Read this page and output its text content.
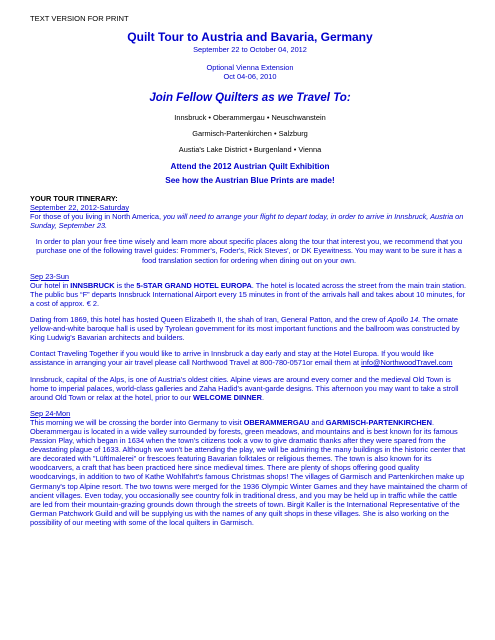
TEXT VERSION FOR PRINT
Quilt Tour to Austria and Bavaria, Germany
September 22 to October 04, 2012
Optional Vienna Extension
Oct 04-06, 2010
Join Fellow Quilters as we Travel To:
Innsbruck • Oberammergau • Neuschwanstein
Garmisch-Partenkirchen • Salzburg
Austia's Lake District • Burgenland • Vienna
Attend the 2012 Austrian Quilt Exhibition
See how the Austrian Blue Prints are made!
YOUR TOUR ITINERARY:
September 22, 2012-Saturday
For those of you living in North America, you will need to arrange your flight to depart today, in order to arrive in Innsbruck, Austria on Sunday, September 23.
In order to plan your free time wisely and learn more about specific places along the tour that interest you, we recommend that you purchase one of the following travel guides: Frommer's, Foder's, Rick Steves', or DK Eyewitness. You may want to be sure it has a food translation section for ordering when dining out on your own.
Sep 23-Sun
Our hotel in INNSBRUCK is the 5-STAR GRAND HOTEL EUROPA. The hotel is located across the street from the main train station. The public bus “F” departs Innsbruck International Airport every 15 minutes in front of the arrivals hall and takes about 10 minutes, for a cost of approx. € 2.
Dating from 1869, this hotel has hosted Queen Elizabeth II, the shah of Iran, General Patton, and the crew of Apollo 14. The ornate yellow-and-white baroque hall is used by Tyrolean government for its most important functions and the ballroom was constructed by King Ludwig's Bavarian architects and builders.
Contact Traveling Together if you would like to arrive in Innsbruck a day early and stay at the Hotel Europa. If you would like assistance in arranging your air travel please call Northwood Travel at 800-780-0571or email them at info@NorthwoodTravel.com
Innsbruck, capital of the Alps, is one of Austria’s oldest cities. Alpine views are around every corner and the medieval Old Town is home to imperial palaces, world-class galleries and Zaha Hadid's avant-garde designs. This afternoon you may want to take a stroll around Old Town or relax at the hotel, prior to our WELCOME DINNER.
Sep 24-Mon
This morning we will be crossing the border into Germany to visit OBERAMMERGAU and GARMISCH-PARTENKIRCHEN. Oberammergau is located in a wide valley surrounded by forests, green meadows, and mountains and is best known for its famous Passion Play, which began in 1634 when the town's citizens took a vow to give dramatic thanks after they were spared from the devastating plague of 1633. Although we won't be attending the play, we will be admiring the many buildings in the historic center that are decorated with "Lüftlmalerei" or frescoes featuring Bavarian folktales or religious themes. The town is also known for its woodcarvers, a craft that has been practiced here since medieval times. There are plenty of shops offering good quality woodcarvings, in addition to two of Kathe Wohlfahrt's famous Christmas shops! The villages of Garmisch and Partenkirchen make up Germany's top Alpine resort. The two towns were merged for the 1936 Olympic Winter Games and they have maintained the charm of ancient villages. Even today, you occasionally see country folk in traditional dress, and you may be held up in traffic while the cattle are led from their mountain-grazing grounds down through the streets of town. Birgit Kaller is the International Representative of the German Patchwork Guild and will be supplying us with the names of any quilt shops in these villages. She is also working on the possibility of our meeting with some of the local quilters in Garmisch.
